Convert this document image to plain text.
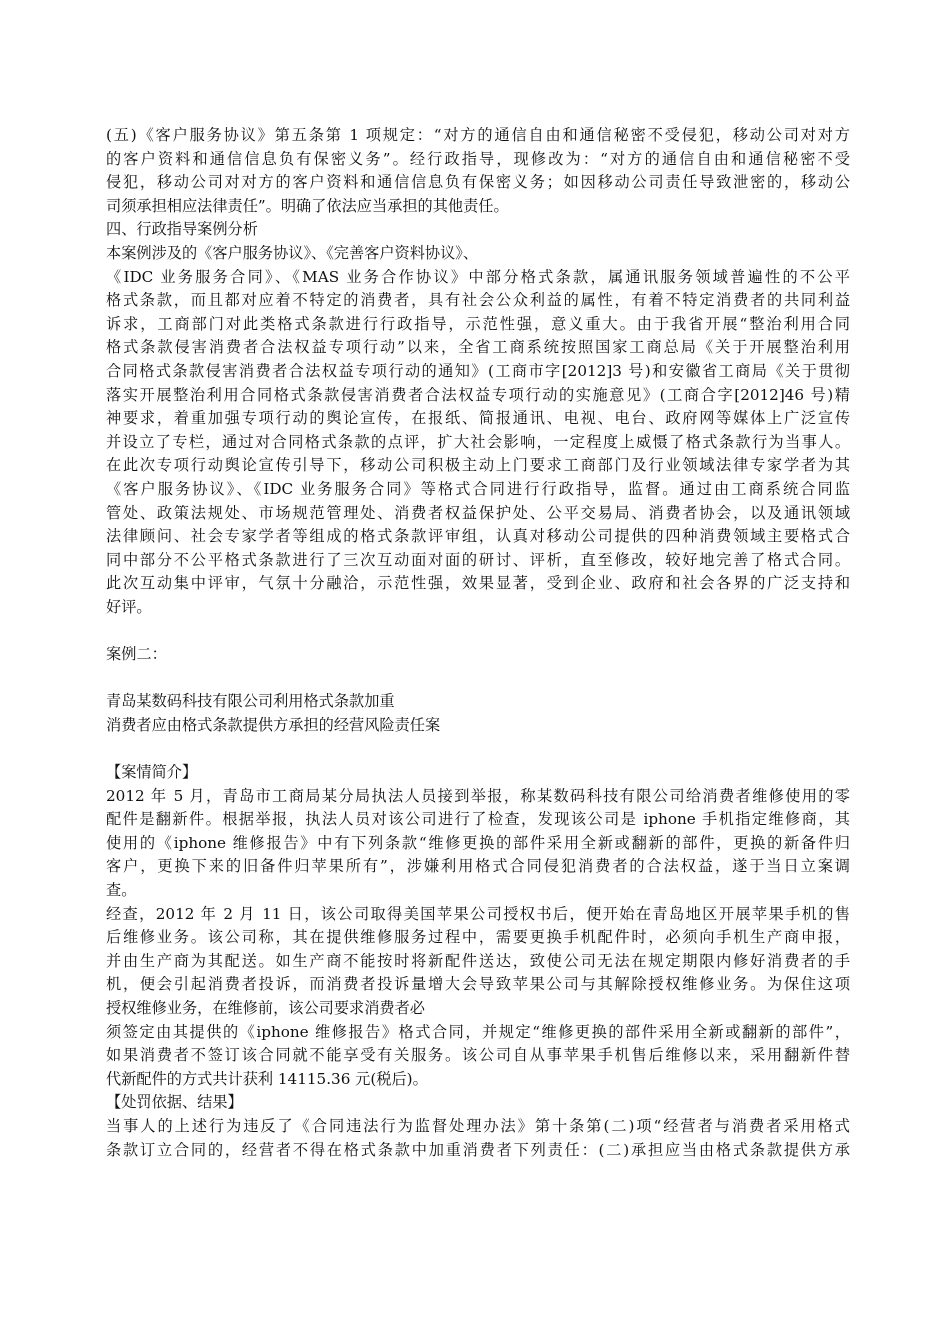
(五)《客户服务协议》第五条第 1 项规定：“对方的通信自由和通信秘密不受侵犯，移动公司对对方
的客户资料和通信信息负有保密义务”。经行政指导，现修改为：“对方的通信自由和通信秘密不受
侵犯，移动公司对对方的客户资料和通信信息负有保密义务；如因移动公司责任导致泄密的，移动公
司须承担相应法律责任”。明确了依法应当承担的其他责任。
四、行政指导案例分析
本案例涉及的《客户服务协议》、《完善客户资料协议》、
《IDC 业务服务合同》、《MAS 业务合作协议》中部分格式条款，属通讯服务领域普遍性的不公平
格式条款，而且都对应着不特定的消费者，具有社会公众利益的属性，有着不特定消费者的共同利益
诉求，工商部门对此类格式条款进行行政指导，示范性强，意义重大。由于我省开展“整治利用合同
格式条款侵害消费者合法权益专项行动”以来，全省工商系统按照国家工商总局《关于开展整治利用
合同格式条款侵害消费者合法权益专项行动的通知》(工商市字[2012]3 号)和安徽省工商局《关于贯彻
落实开展整治利用合同格式条款侵害消费者合法权益专项行动的实施意见》(工商合字[2012]46 号)精
神要求，着重加强专项行动的舆论宣传，在报纸、简报通讯、电视、电台、政府网等媒体上广泛宣传
并设立了专栏，通过对合同格式条款的点评，扩大社会影响，一定程度上威慑了格式条款行为当事人。
在此次专项行动舆论宣传引导下，移动公司积极主动上门要求工商部门及行业领域法律专家学者为其
《客户服务协议》、《IDC 业务服务合同》等格式合同进行行政指导，监督。通过由工商系统合同监
管处、政策法规处、市场规范管理处、消费者权益保护处、公平交易局、消费者协会，以及通讯领域
法律顾问、社会专家学者等组成的格式条款评审组，认真对移动公司提供的四种消费领域主要格式合
同中部分不公平格式条款进行了三次互动面对面的研讨、评析，直至修改，较好地完善了格式合同。
此次互动集中评审，气氛十分融洽，示范性强，效果显著，受到企业、政府和社会各界的广泛支持和
好评。
案例二：
青岛某数码科技有限公司利用格式条款加重
消费者应由格式条款提供方承担的经营风险责任案
【案情简介】
2012 年 5 月，青岛市工商局某分局执法人员接到举报，称某数码科技有限公司给消费者维修使用的零
配件是翻新件。根据举报，执法人员对该公司进行了检查，发现该公司是 iphone 手机指定维修商，其
使用的《iphone 维修报告》中有下列条款“维修更换的部件采用全新或翻新的部件，更换的新备件归
客户，更换下来的旧备件归苹果所有”，涉嫌利用格式合同侵犯消费者的合法权益，遂于当日立案调
查。
经查，2012 年 2 月 11 日，该公司取得美国苹果公司授权书后，便开始在青岛地区开展苹果手机的售
后维修业务。该公司称，其在提供维修服务过程中，需要更换手机配件时，必须向手机生产商申报，
并由生产商为其配送。如生产商不能按时将新配件送达，致使公司无法在规定期限内修好消费者的手
机，便会引起消费者投诉，而消费者投诉量增大会导致苹果公司与其解除授权维修业务。为保住这项
授权维修业务，在维修前，该公司要求消费者必
须签定由其提供的《iphone 维修报告》格式合同，并规定“维修更换的部件采用全新或翻新的部件”，
如果消费者不签订该合同就不能享受有关服务。该公司自从事苹果手机售后维修以来，采用翻新件替
代新配件的方式共计获利 14115.36 元(税后)。
【处罚依据、结果】
当事人的上述行为违反了《合同违法行为监督处理办法》第十条第(二)项“经营者与消费者采用格式
条款订立合同的，经营者不得在格式条款中加重消费者下列责任：(二)承担应当由格式条款提供方承
